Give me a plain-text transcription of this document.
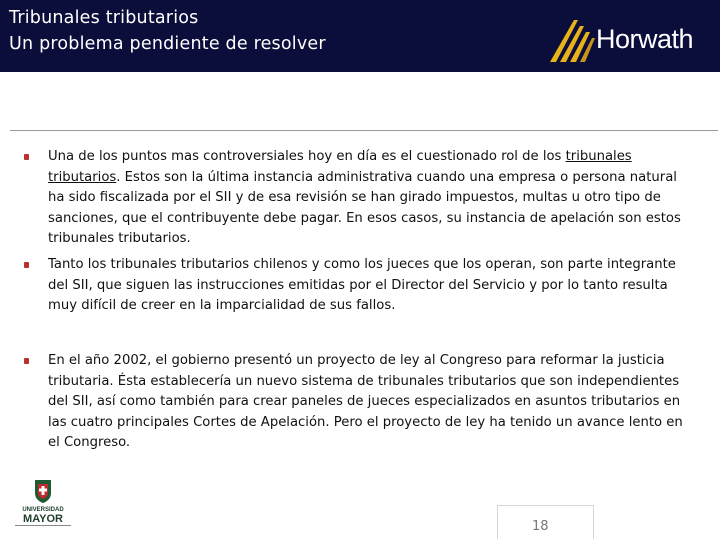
Tribunales tributarios
Un problema pendiente de resolver	Horwath
Una de los puntos mas controversiales hoy en día es el cuestionado rol de los tribunales tributarios. Estos son la última instancia administrativa cuando una empresa o persona natural ha sido fiscalizada por el SII y de esa revisión se han girado impuestos, multas u otro tipo de sanciones, que el contribuyente debe pagar. En esos casos, su instancia de apelación son estos tribunales tributarios.
Tanto los tribunales tributarios chilenos y como los jueces que los operan, son parte integrante del SII, que siguen las instrucciones emitidas por el Director del Servicio y por lo tanto resulta muy difícil de creer en la imparcialidad de sus fallos.
En el año 2002, el gobierno presentó un proyecto de ley al Congreso para reformar la justicia tributaria. Ésta establecería un nuevo sistema de tribunales tributarios que son independientes del SII, así como también para crear paneles de jueces especializados en asuntos tributarios en las cuatro principales Cortes de Apelación. Pero el proyecto de ley ha tenido un avance lento en el Congreso.
UNIVERSIDAD
MAYOR	18
